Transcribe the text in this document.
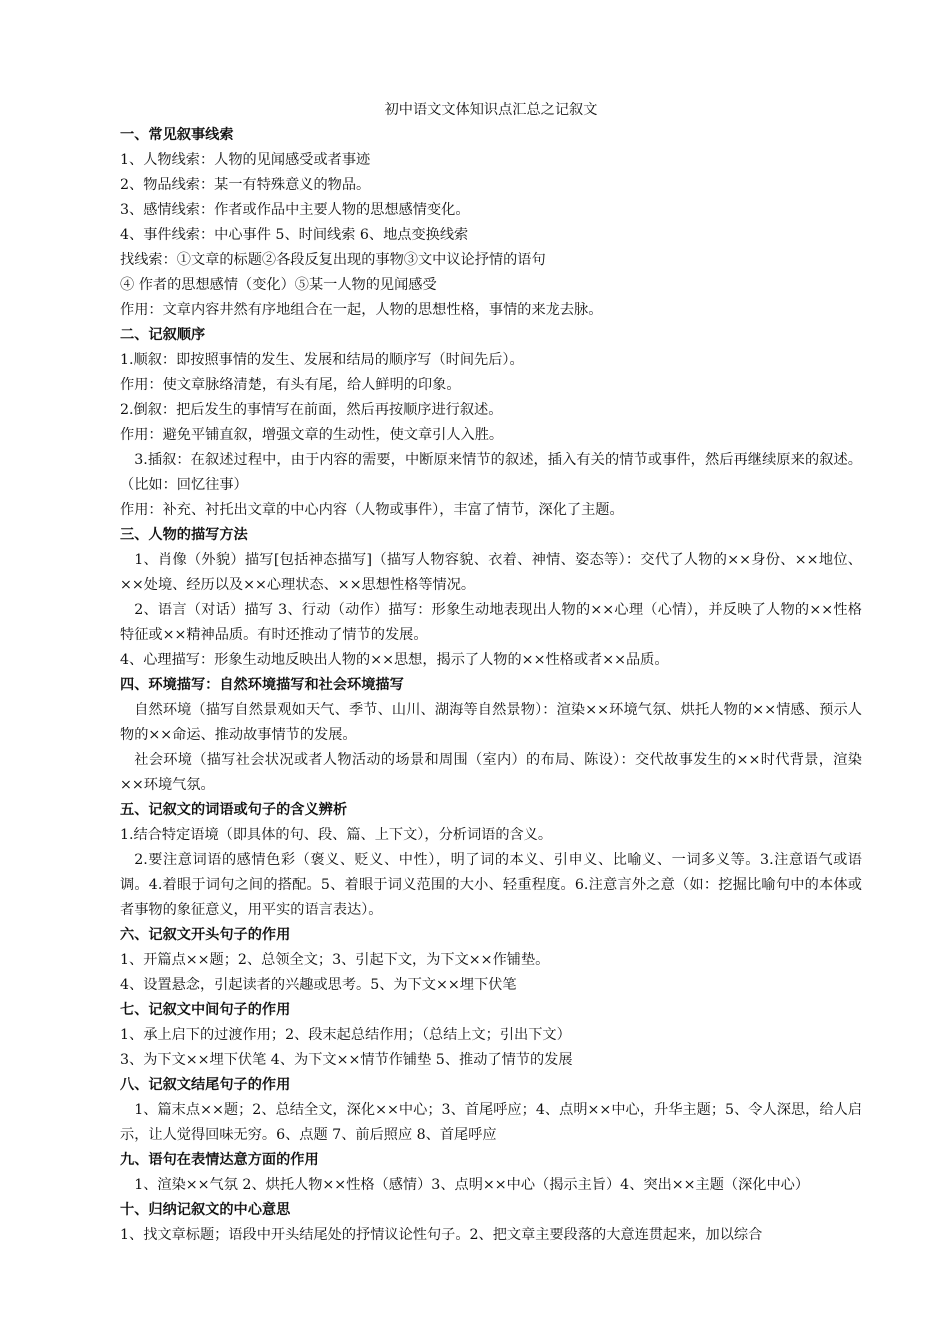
初中语文文体知识点汇总之记叙文

一、常见叙事线索

1、人物线索：人物的见闻感受或者事迹

2、物品线索：某一有特殊意义的物品。

3、感情线索：作者或作品中主要人物的思想感情变化。

4、事件线索：中心事件 5、时间线索 6、地点变换线索

找线索：①文章的标题②各段反复出现的事物③文中议论抒情的语句

④ 作者的思想感情（变化）⑤某一人物的见闻感受

作用：文章内容井然有序地组合在一起，人物的思想性格，事情的来龙去脉。

二、记叙顺序

1.顺叙：即按照事情的发生、发展和结局的顺序写（时间先后）。

作用：使文章脉络清楚，有头有尾，给人鲜明的印象。

2.倒叙：把后发生的事情写在前面，然后再按顺序进行叙述。

作用：避免平铺直叙，增强文章的生动性，使文章引人入胜。

3.插叙：在叙述过程中，由于内容的需要，中断原来情节的叙述，插入有关的情节或事件，然后再继续原来的叙述。（比如：回忆往事）

作用：补充、衬托出文章的中心内容（人物或事件），丰富了情节，深化了主题。

三、人物的描写方法

1、肖像（外貌）描写[包括神态描写]（描写人物容貌、衣着、神情、姿态等）：交代了人物的××身份、××地位、××处境、经历以及××心理状态、××思想性格等情况。

2、语言（对话）描写 3、行动（动作）描写：形象生动地表现出人物的××心理（心情），并反映了人物的××性格特征或××精神品质。有时还推动了情节的发展。

4、心理描写：形象生动地反映出人物的××思想，揭示了人物的××性格或者××品质。

四、环境描写：自然环境描写和社会环境描写

自然环境（描写自然景观如天气、季节、山川、湖海等自然景物）：渲染××环境气氛、烘托人物的××情感、预示人物的××命运、推动故事情节的发展。

社会环境（描写社会状况或者人物活动的场景和周围（室内）的布局、陈设）：交代故事发生的××时代背景，渲染××环境气氛。

五、记叙文的词语或句子的含义辨析

1.结合特定语境（即具体的句、段、篇、上下文），分析词语的含义。

2.要注意词语的感情色彩（褒义、贬义、中性），明了词的本义、引申义、比喻义、一词多义等。3.注意语气或语调。4.着眼于词句之间的搭配。5、着眼于词义范围的大小、轻重程度。6.注意言外之意（如：挖掘比喻句中的本体或者事物的象征意义，用平实的语言表达）。

六、记叙文开头句子的作用

1、开篇点××题；2、总领全文；3、引起下文，为下文××作铺垫。

4、设置悬念，引起读者的兴趣或思考。5、为下文××埋下伏笔

七、记叙文中间句子的作用

1、承上启下的过渡作用；2、段末起总结作用；（总结上文；引出下文）

3、为下文××埋下伏笔 4、为下文××情节作铺垫 5、推动了情节的发展

八、记叙文结尾句子的作用

1、篇末点××题；2、总结全文，深化××中心；3、首尾呼应；4、点明××中心，升华主题；5、令人深思，给人启示，让人觉得回味无穷。6、点题 7、前后照应 8、首尾呼应

九、语句在表情达意方面的作用

1、渲染××气氛 2、烘托人物××性格（感情）3、点明××中心（揭示主旨）4、突出××主题（深化中心）

十、归纳记叙文的中心意思

1、找文章标题；语段中开头结尾处的抒情议论性句子。2、把文章主要段落的大意连贯起来，加以综合
